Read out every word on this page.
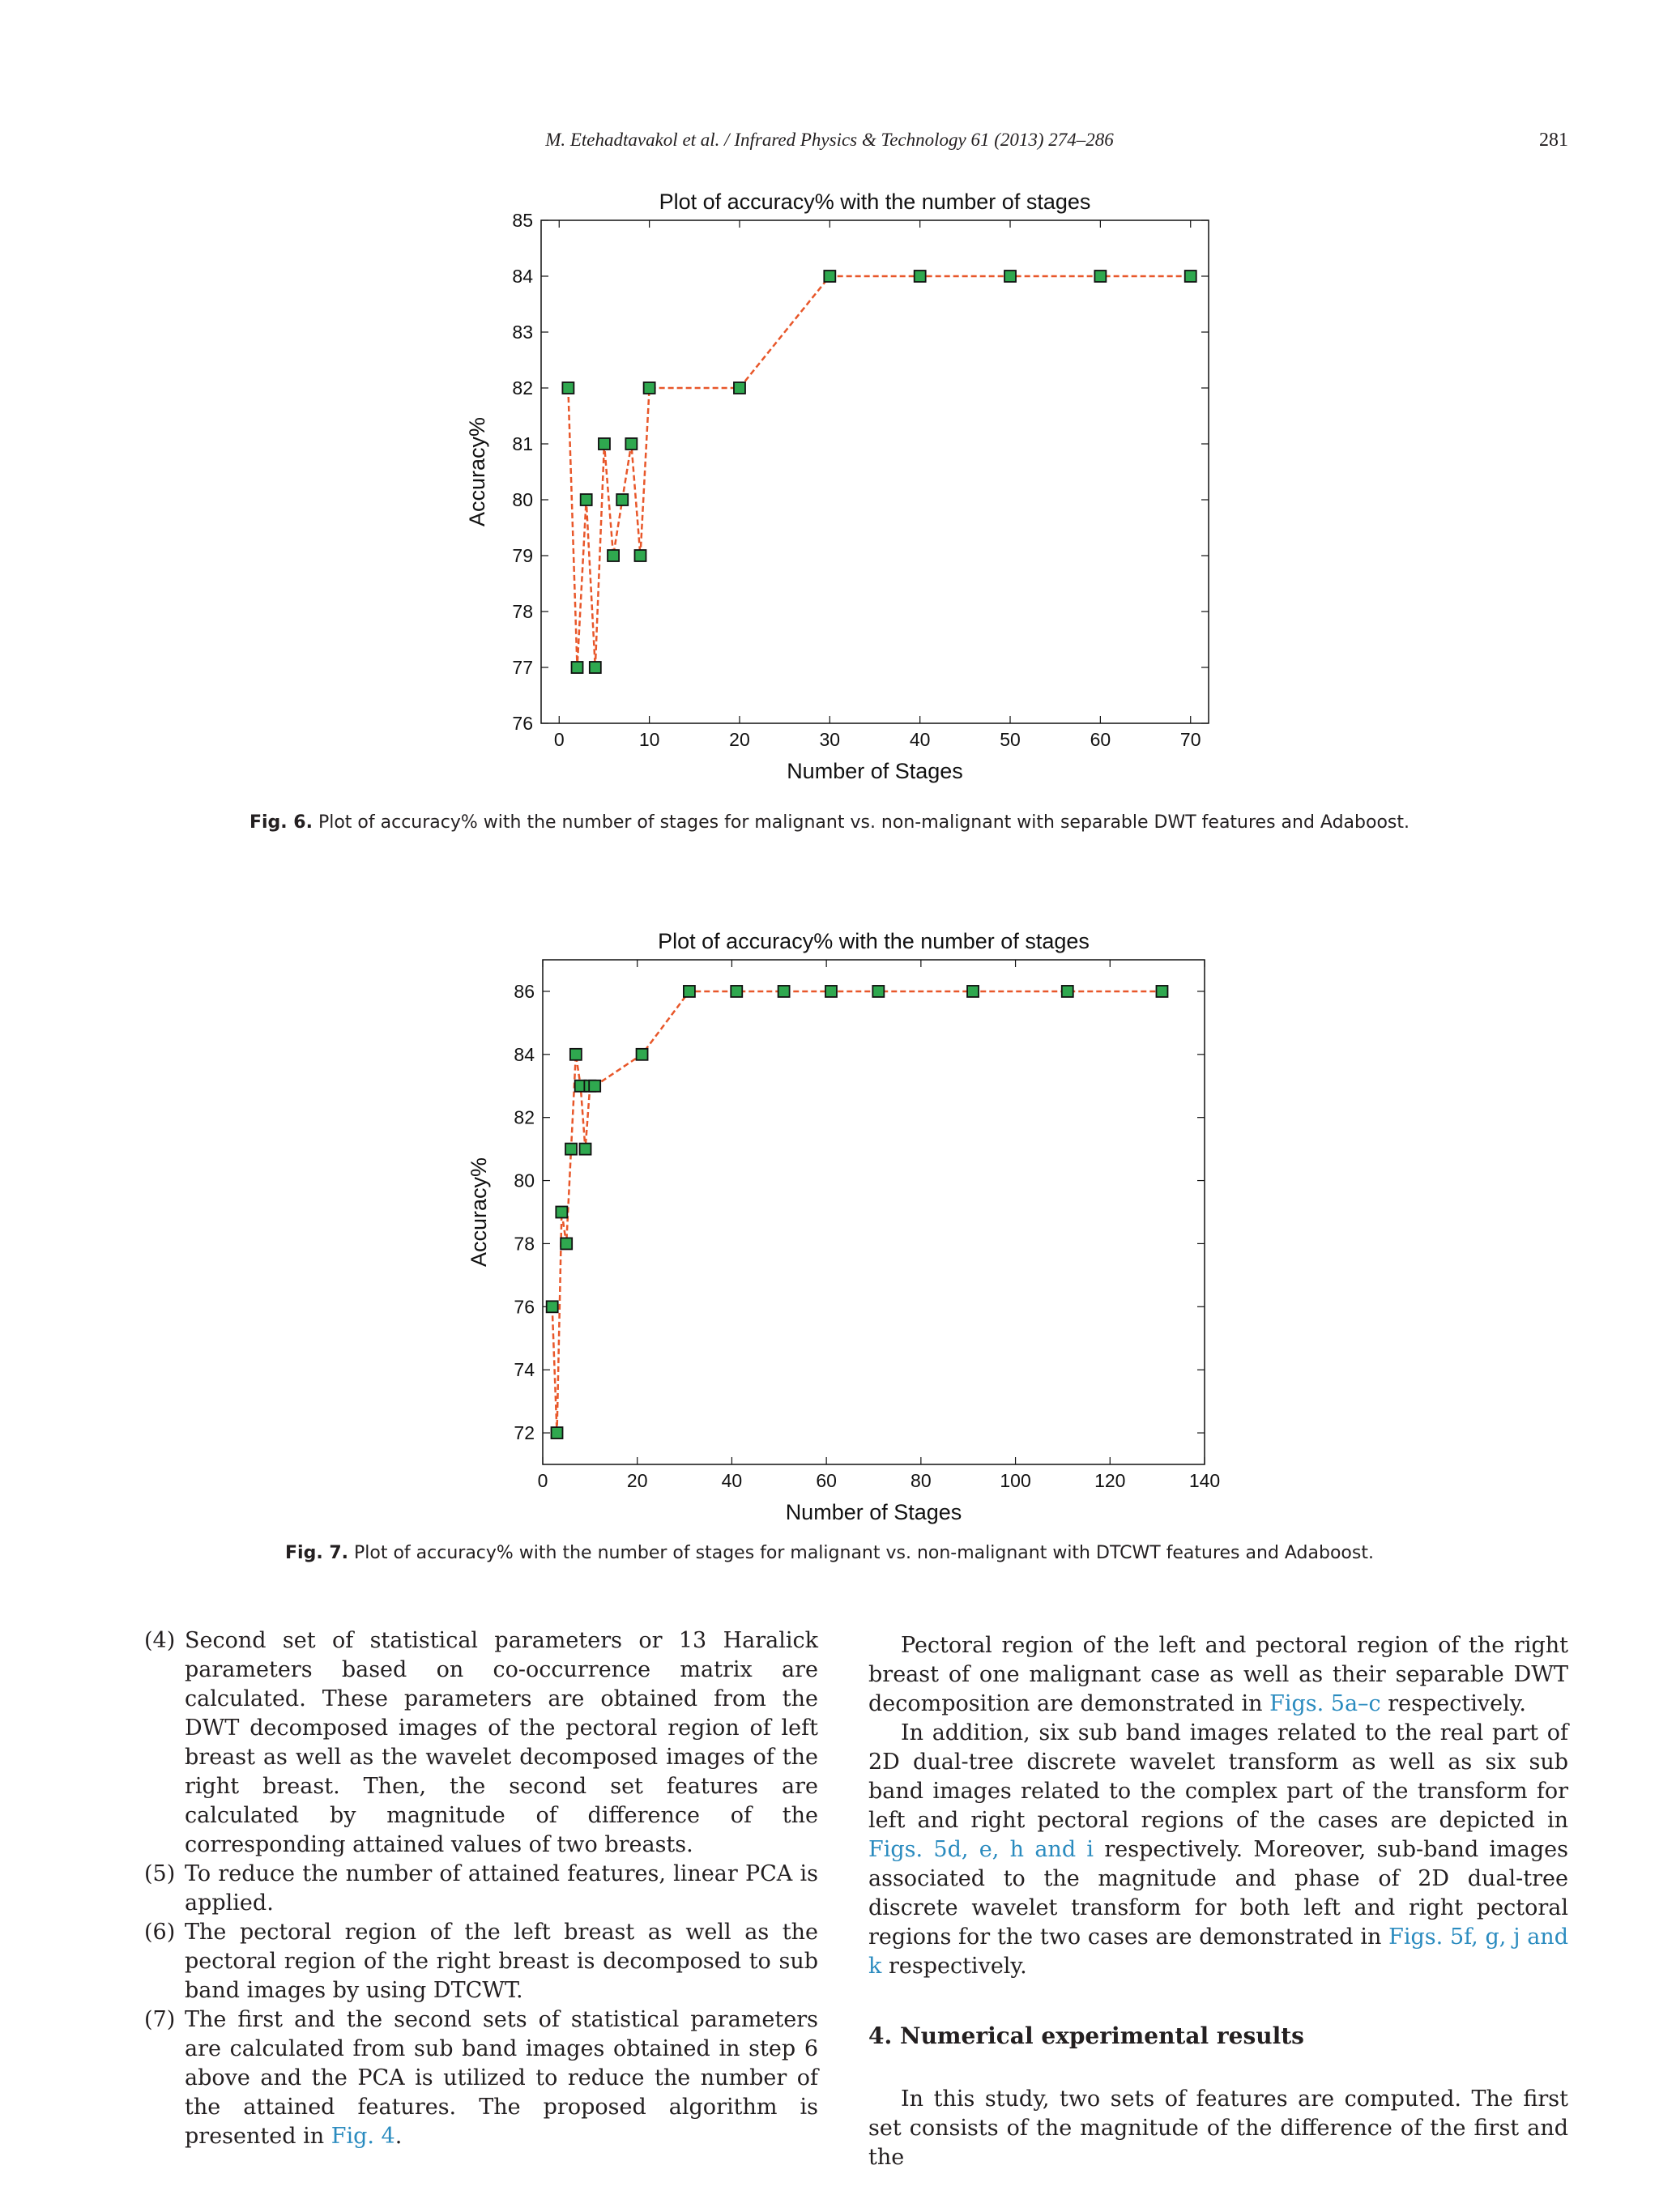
M. Etehadtavakol et al. / Infrared Physics & Technology 61 (2013) 274–286	281
Plot of accuracy% with the number of stages
0	10	20	30	40	50	60	70
76
77
78
79
80
81
82
83
84
85
Number of Stages
Accuracy%
Fig. 6. Plot of accuracy% with the number of stages for malignant vs. non-malignant with separable DWT features and Adaboost.
Plot of accuracy% with the number of stages
0	20	40	60	80	100	120	140
72
74
76
78
80
82
84
86
Number of Stages
Accuracy%
Fig. 7. Plot of accuracy% with the number of stages for malignant vs. non-malignant with DTCWT features and Adaboost.
(4) Second set of statistical parameters or 13 Haralick parameters based on co-occurrence matrix are calculated. These parameters are obtained from the DWT decomposed images of the pectoral region of left breast as well as the wavelet decomposed images of the right breast. Then, the second set features are calculated by magnitude of difference of the corresponding attained values of two breasts.
(5) To reduce the number of attained features, linear PCA is applied.
(6) The pectoral region of the left breast as well as the pectoral region of the right breast is decomposed to sub band images by using DTCWT.
(7) The first and the second sets of statistical parameters are calculated from sub band images obtained in step 6 above and the PCA is utilized to reduce the number of the attained features. The proposed algorithm is presented in Fig. 4.

Pectoral region of the left and pectoral region of the right breast of one malignant case as well as their separable DWT decomposition are demonstrated in Figs. 5a–c respectively.

In addition, six sub band images related to the real part of 2D dual-tree discrete wavelet transform as well as six sub band images related to the complex part of the transform for left and right pectoral regions of the cases are depicted in Figs. 5d, e, h and i respectively. Moreover, sub-band images associated to the magnitude and phase of 2D dual-tree discrete wavelet transform for both left and right pectoral regions for the two cases are demonstrated in Figs. 5f, g, j and k respectively.

4. Numerical experimental results

In this study, two sets of features are computed. The first set consists of the magnitude of the difference of the first and the
